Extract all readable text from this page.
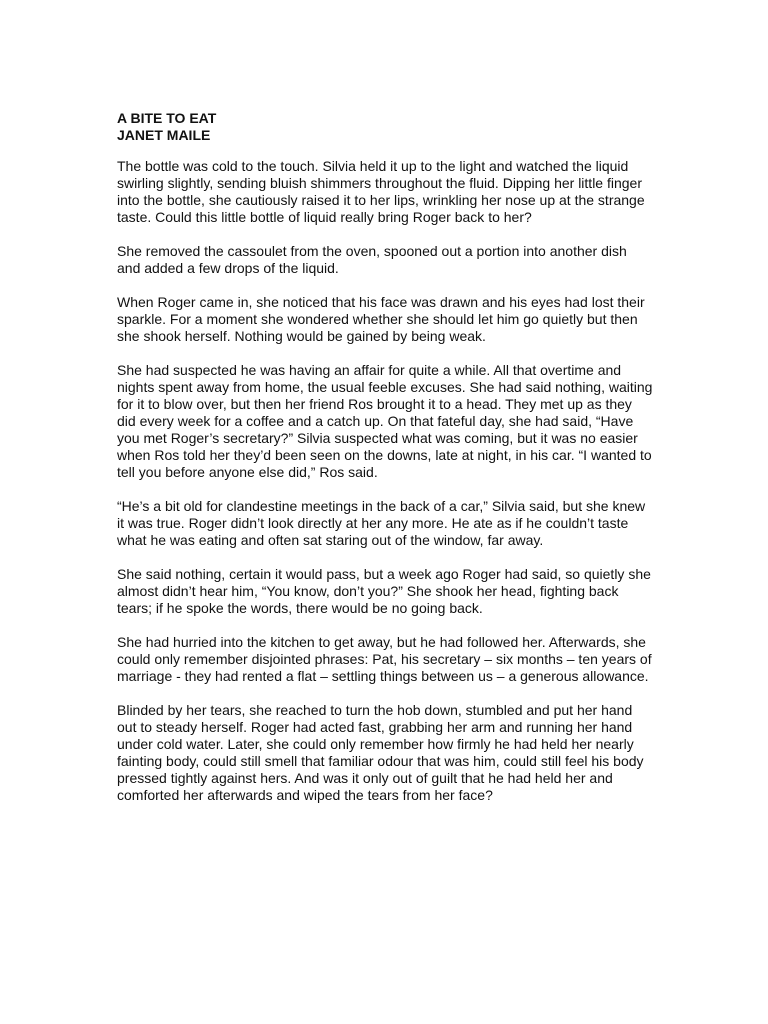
A BITE TO EAT
JANET MAILE

The bottle was cold to the touch. Silvia held it up to the light and watched the liquid swirling slightly, sending bluish shimmers throughout the fluid. Dipping her little finger into the bottle, she cautiously raised it to her lips, wrinkling her nose up at the strange taste. Could this little bottle of liquid really bring Roger back to her?

She removed the cassoulet from the oven, spooned out a portion into another dish and added a few drops of the liquid.

When Roger came in, she noticed that his face was drawn and his eyes had lost their sparkle. For a moment she wondered whether she should let him go quietly but then she shook herself. Nothing would be gained by being weak.

She had suspected he was having an affair for quite a while. All that overtime and nights spent away from home, the usual feeble excuses. She had said nothing, waiting for it to blow over, but then her friend Ros brought it to a head. They met up as they did every week for a coffee and a catch up. On that fateful day, she had said, “Have you met Roger’s secretary?” Silvia suspected what was coming, but it was no easier when Ros told her they’d been seen on the downs, late at night, in his car. “I wanted to tell you before anyone else did,” Ros said.

“He’s a bit old for clandestine meetings in the back of a car,” Silvia said, but she knew it was true. Roger didn’t look directly at her any more. He ate as if he couldn’t taste what he was eating and often sat staring out of the window, far away.

She said nothing, certain it would pass, but a week ago Roger had said, so quietly she almost didn’t hear him, “You know, don’t you?” She shook her head, fighting back tears; if he spoke the words, there would be no going back.

She had hurried into the kitchen to get away, but he had followed her. Afterwards, she could only remember disjointed phrases: Pat, his secretary – six months – ten years of marriage - they had rented a flat – settling things between us – a generous allowance.

Blinded by her tears, she reached to turn the hob down, stumbled and put her hand out to steady herself. Roger had acted fast, grabbing her arm and running her hand under cold water. Later, she could only remember how firmly he had held her nearly fainting body, could still smell that familiar odour that was him, could still feel his body pressed tightly against hers. And was it only out of guilt that he had held her and comforted her afterwards and wiped the tears from her face?
